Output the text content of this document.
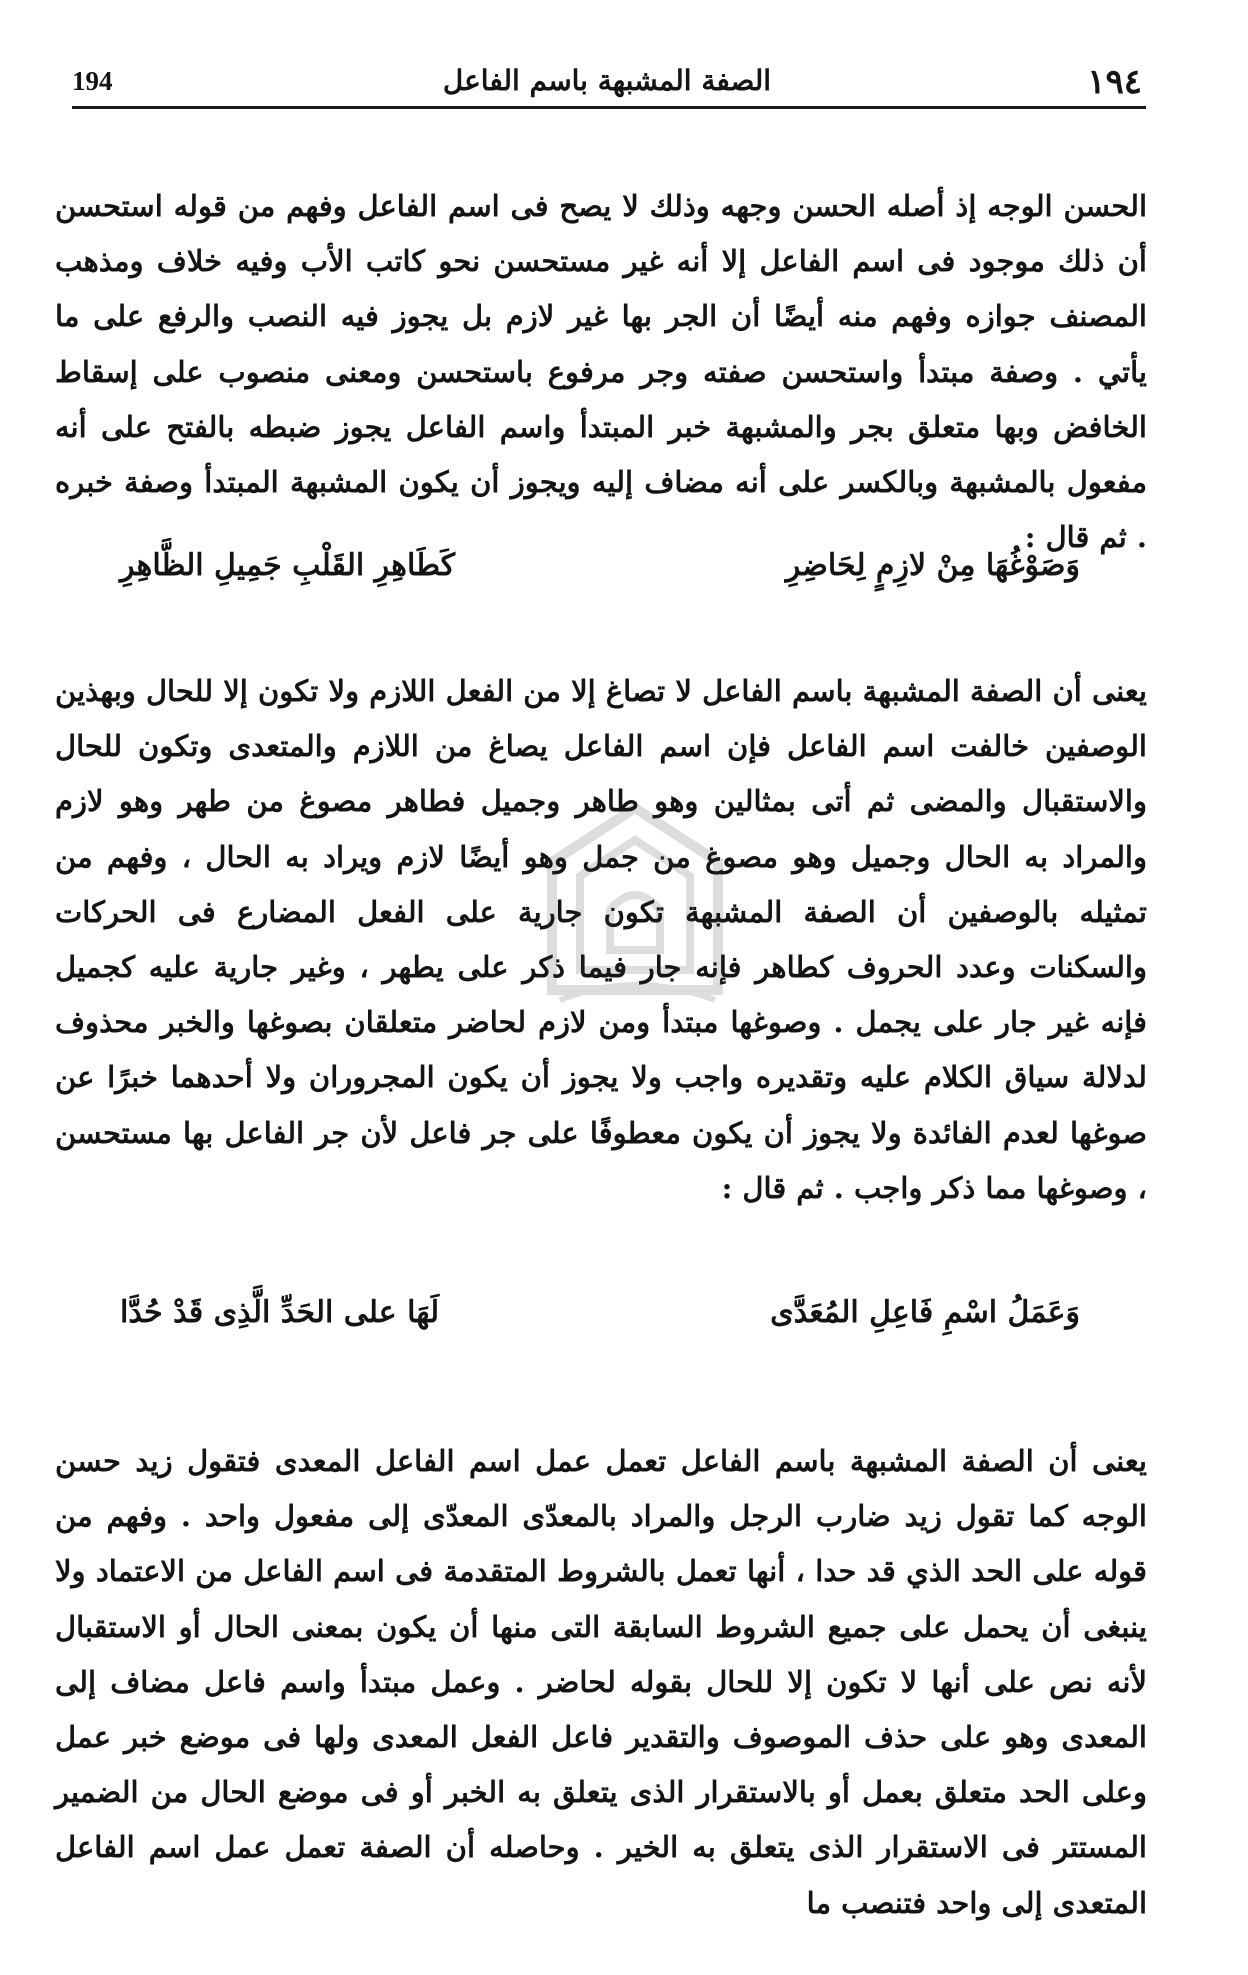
١٩٤
الصفة المشبهة باسم الفاعل
194

الحسن الوجه إذ أصله الحسن وجهه وذلك لا يصح فى اسم الفاعل وفهم من قوله استحسن أن ذلك موجود فى اسم الفاعل إلا أنه غير مستحسن نحو كاتب الأب وفيه خلاف ومذهب المصنف جوازه وفهم منه أيضًا أن الجر بها غير لازم بل يجوز فيه النصب والرفع على ما يأتي . وصفة مبتدأ واستحسن صفته وجر مرفوع باستحسن ومعنى منصوب على إسقاط الخافض وبها متعلق بجر والمشبهة خبر المبتدأ واسم الفاعل يجوز ضبطه بالفتح على أنه مفعول بالمشبهة وبالكسر على أنه مضاف إليه ويجوز أن يكون المشبهة المبتدأ وصفة خبره . ثم قال :

وَصَوْغُهَا مِنْ لازِمٍ لِحَاضِرِ
كَطَاهِرِ القَلْبِ جَمِيلِ الظَّاهِرِ

يعنى أن الصفة المشبهة باسم الفاعل لا تصاغ إلا من الفعل اللازم ولا تكون إلا للحال وبهذين الوصفين خالفت اسم الفاعل فإن اسم الفاعل يصاغ من اللازم والمتعدى وتكون للحال والاستقبال والمضى ثم أتى بمثالين وهو طاهر وجميل فطاهر مصوغ من طهر وهو لازم والمراد به الحال وجميل وهو مصوغ من جمل وهو أيضًا لازم ويراد به الحال ، وفهم من تمثيله بالوصفين أن الصفة المشبهة تكون جارية على الفعل المضارع فى الحركات والسكنات وعدد الحروف كطاهر فإنه جار فيما ذكر على يطهر ، وغير جارية عليه كجميل فإنه غير جار على يجمل . وصوغها مبتدأ ومن لازم لحاضر متعلقان بصوغها والخبر محذوف لدلالة سياق الكلام عليه وتقديره واجب ولا يجوز أن يكون المجروران ولا أحدهما خبرًا عن صوغها لعدم الفائدة ولا يجوز أن يكون معطوفًا على جر فاعل لأن جر الفاعل بها مستحسن ، وصوغها مما ذكر واجب . ثم قال :

وَعَمَلُ اسْمِ فَاعِلِ المُعَدَّى
لَهَا على الحَدِّ الَّذِى قَدْ حُدَّا

يعنى أن الصفة المشبهة باسم الفاعل تعمل عمل اسم الفاعل المعدى فتقول زيد حسن الوجه كما تقول زيد ضارب الرجل والمراد بالمعدّى المعدّى إلى مفعول واحد . وفهم من قوله على الحد الذي قد حدا ، أنها تعمل بالشروط المتقدمة فى اسم الفاعل من الاعتماد ولا ينبغى أن يحمل على جميع الشروط السابقة التى منها أن يكون بمعنى الحال أو الاستقبال لأنه نص على أنها لا تكون إلا للحال بقوله لحاضر . وعمل مبتدأ واسم فاعل مضاف إلى المعدى وهو على حذف الموصوف والتقدير فاعل الفعل المعدى ولها فى موضع خبر عمل وعلى الحد متعلق بعمل أو بالاستقرار الذى يتعلق به الخبر أو فى موضع الحال من الضمير المستتر فى الاستقرار الذى يتعلق به الخير . وحاصله أن الصفة تعمل عمل اسم الفاعل المتعدى إلى واحد فتنصب ما
